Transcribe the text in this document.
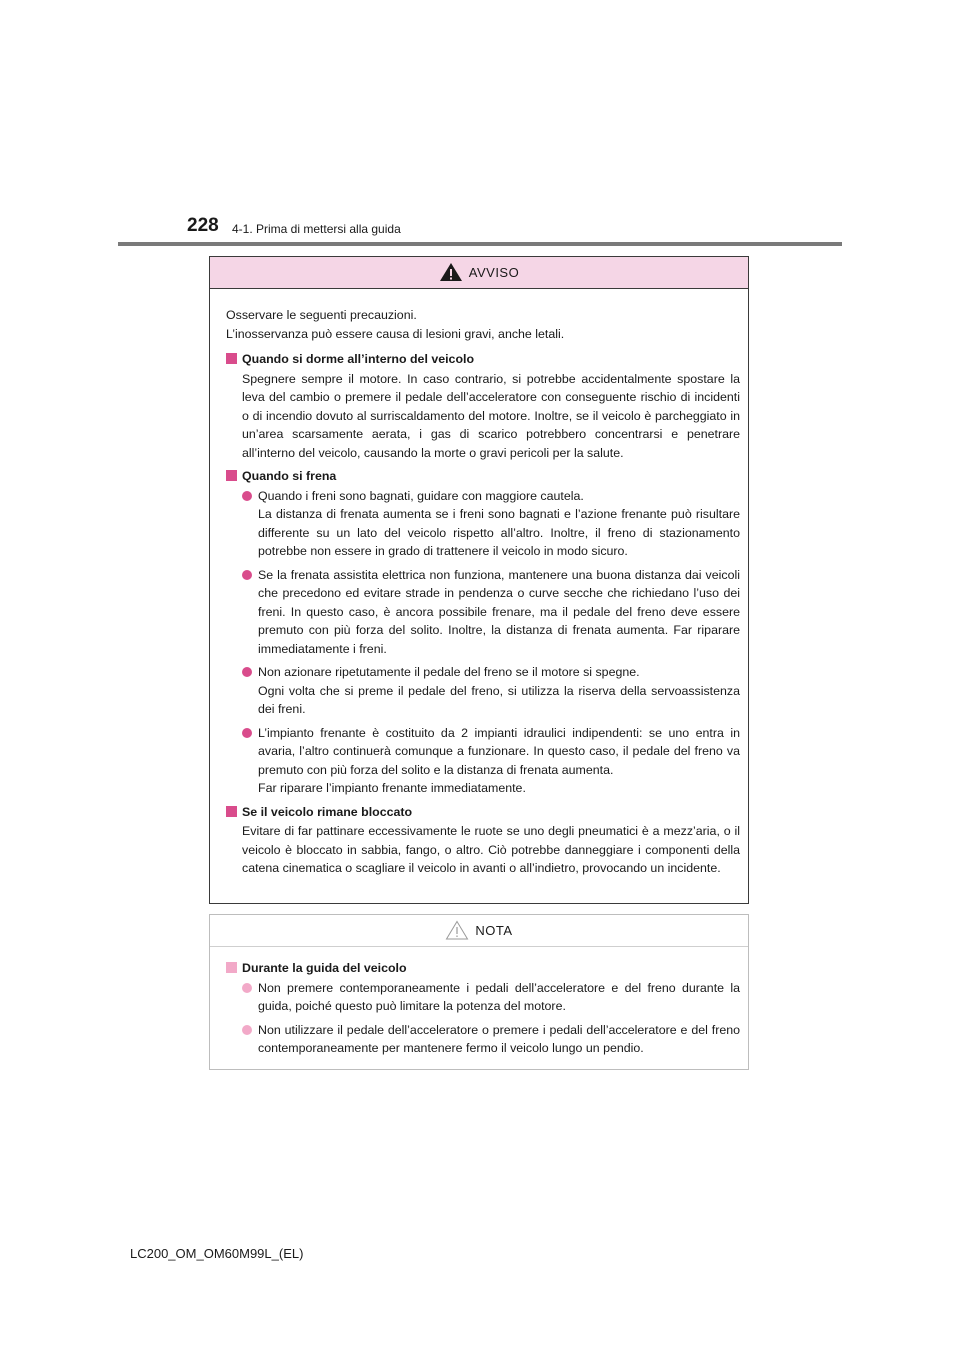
228 4-1. Prima di mettersi alla guida
AVVISO

Osservare le seguenti precauzioni.

L’inosservanza può essere causa di lesioni gravi, anche letali.

Quando si dorme all’interno del veicolo

Spegnere sempre il motore. In caso contrario, si potrebbe accidentalmente spostare la leva del cambio o premere il pedale dell’acceleratore con conseguente rischio di incidenti o di incendio dovuto al surriscaldamento del motore. Inoltre, se il veicolo è parcheggiato in un’area scarsamente aerata, i gas di scarico potrebbero concentrarsi e penetrare all’interno del veicolo, causando la morte o gravi pericoli per la salute.

Quando si frena

Quando i freni sono bagnati, guidare con maggiore cautela.

La distanza di frenata aumenta se i freni sono bagnati e l’azione frenante può risultare differente su un lato del veicolo rispetto all’altro. Inoltre, il freno di stazionamento potrebbe non essere in grado di trattenere il veicolo in modo sicuro.

Se la frenata assistita elettrica non funziona, mantenere una buona distanza dai veicoli che precedono ed evitare strade in pendenza o curve secche che richiedano l’uso dei freni. In questo caso, è ancora possibile frenare, ma il pedale del freno deve essere premuto con più forza del solito. Inoltre, la distanza di frenata aumenta. Far riparare immediatamente i freni.

Non azionare ripetutamente il pedale del freno se il motore si spegne.

Ogni volta che si preme il pedale del freno, si utilizza la riserva della servoassistenza dei freni.

L’impianto frenante è costituito da 2 impianti idraulici indipendenti: se uno entra in avaria, l’altro continuerà comunque a funzionare. In questo caso, il pedale del freno va premuto con più forza del solito e la distanza di frenata aumenta.

Far riparare l’impianto frenante immediatamente.

Se il veicolo rimane bloccato

Evitare di far pattinare eccessivamente le ruote se uno degli pneumatici è a mezz’aria, o il veicolo è bloccato in sabbia, fango, o altro. Ciò potrebbe danneggiare i componenti della catena cinematica o scagliare il veicolo in avanti o all’indietro, provocando un incidente.

NOTA
Durante la guida del veicolo

Non premere contemporaneamente i pedali dell’acceleratore e del freno durante la guida, poiché questo può limitare la potenza del motore.

Non utilizzare il pedale dell’acceleratore o premere i pedali dell’acceleratore e del freno contemporaneamente per mantenere fermo il veicolo lungo un pendio.

LC200_OM_OM60M99L_(EL)
